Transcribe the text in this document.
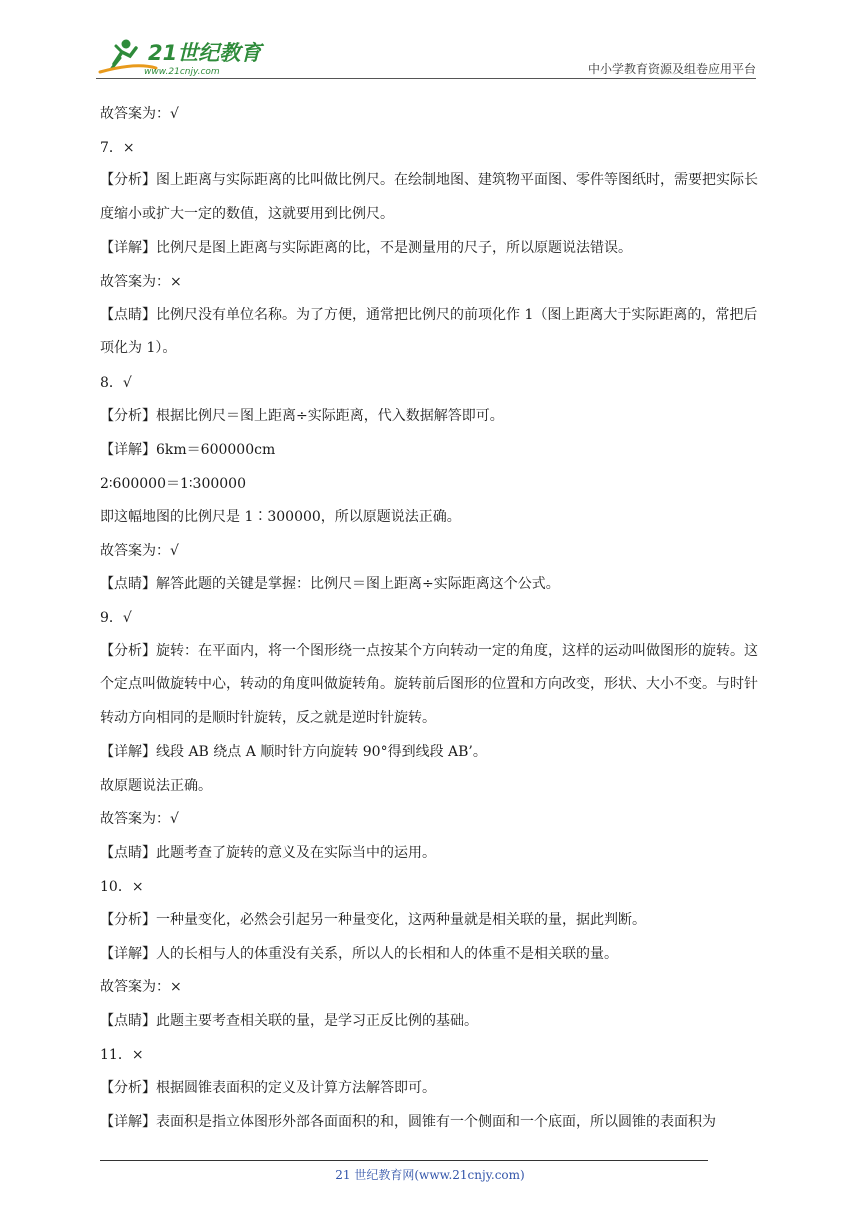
21世纪教育
www.21cnjy.com	中小学教育资源及组卷应用平台
故答案为：√
7．×
【分析】图上距离与实际距离的比叫做比例尺。在绘制地图、建筑物平面图、零件等图纸时，需要把实际长度缩小或扩大一定的数值，这就要用到比例尺。
【详解】比例尺是图上距离与实际距离的比，不是测量用的尺子，所以原题说法错误。
故答案为：×
【点睛】比例尺没有单位名称。为了方便，通常把比例尺的前项化作 1（图上距离大于实际距离的，常把后项化为 1）。
8．√
【分析】根据比例尺＝图上距离÷实际距离，代入数据解答即可。
【详解】6km＝600000cm
2∶600000＝1∶300000
即这幅地图的比例尺是 1∶300000，所以原题说法正确。
故答案为：√
【点睛】解答此题的关键是掌握：比例尺＝图上距离÷实际距离这个公式。
9．√
【分析】旋转：在平面内，将一个图形绕一点按某个方向转动一定的角度，这样的运动叫做图形的旋转。这个定点叫做旋转中心，转动的角度叫做旋转角。旋转前后图形的位置和方向改变，形状、大小不变。与时针转动方向相同的是顺时针旋转，反之就是逆时针旋转。
【详解】线段 AB 绕点 A 顺时针方向旋转 90°得到线段 AB’。
故原题说法正确。
故答案为：√
【点睛】此题考查了旋转的意义及在实际当中的运用。
10．×
【分析】一种量变化，必然会引起另一种量变化，这两种量就是相关联的量，据此判断。
【详解】人的长相与人的体重没有关系，所以人的长相和人的体重不是相关联的量。
故答案为：×
【点睛】此题主要考查相关联的量，是学习正反比例的基础。
11．×
【分析】根据圆锥表面积的定义及计算方法解答即可。
【详解】表面积是指立体图形外部各面面积的和，圆锥有一个侧面和一个底面，所以圆锥的表面积为
21 世纪教育网(www.21cnjy.com)
